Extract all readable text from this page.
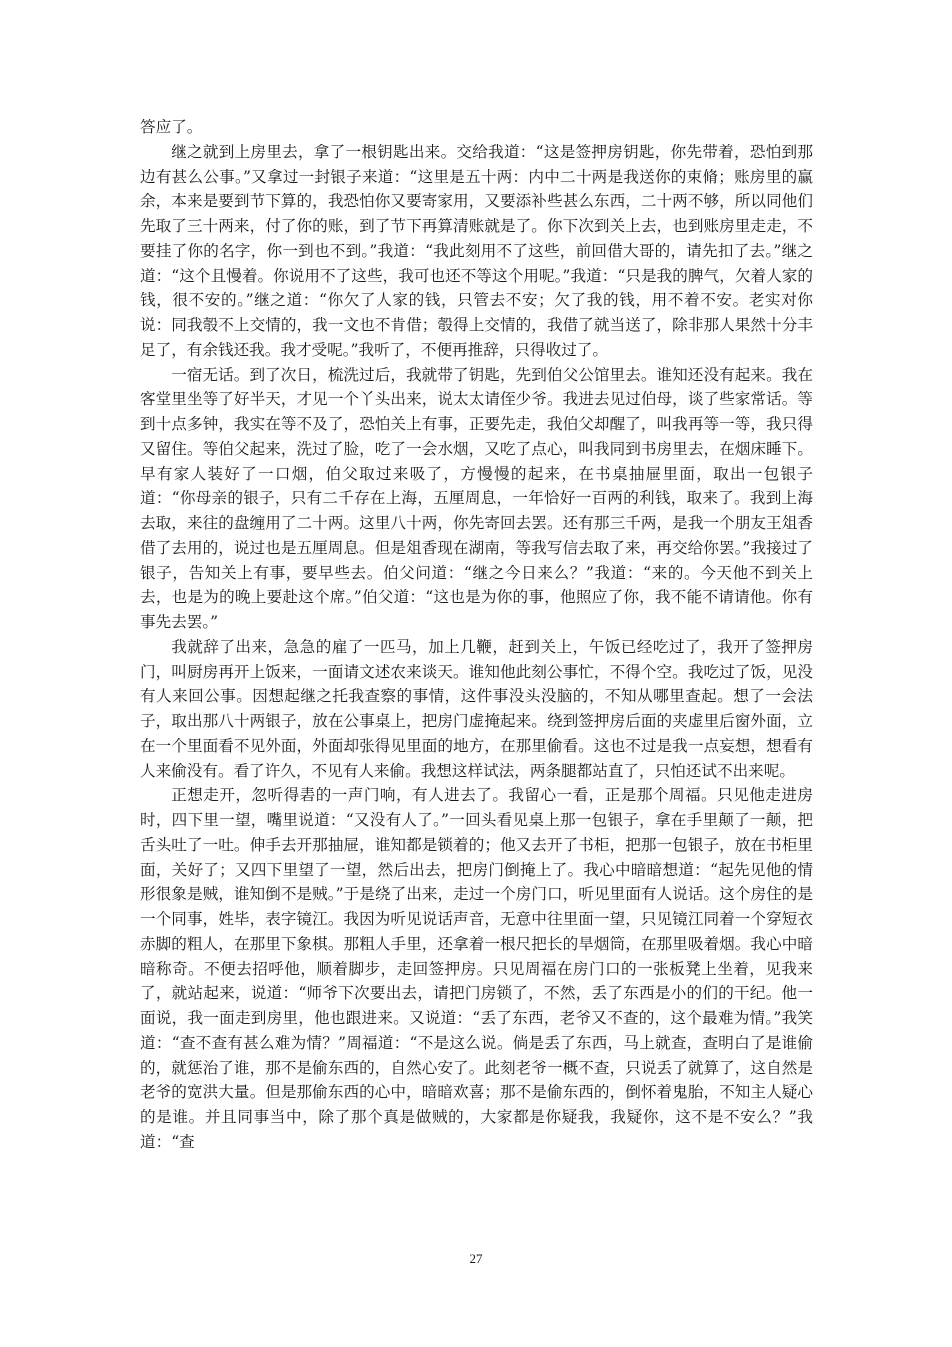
答应了。

继之就到上房里去，拿了一根钥匙出来。交给我道：“这是签押房钥匙，你先带着，恐怕到那边有甚么公事。”又拿过一封银子来道：“这里是五十两：内中二十两是我送你的束脩；账房里的赢余，本来是要到节下算的，我恐怕你又要寄家用，又要添补些甚么东西，二十两不够，所以同他们先取了三十两来，付了你的账，到了节下再算清账就是了。你下次到关上去，也到账房里走走，不要挂了你的名字，你一到也不到。”我道：“我此刻用不了这些，前回借大哥的，请先扣了去。”继之道：“这个且慢着。你说用不了这些，我可也还不等这个用呢。”我道：“只是我的脾气，欠着人家的钱，很不安的。”继之道：“你欠了人家的钱，只管去不安；欠了我的钱，用不着不安。老实对你说：同我彀不上交情的，我一文也不肯借；彀得上交情的，我借了就当送了，除非那人果然十分丰足了，有余钱还我。我才受呢。”我听了，不便再推辞，只得收过了。

一宿无话。到了次日，梳洗过后，我就带了钥匙，先到伯父公馆里去。谁知还没有起来。我在客堂里坐等了好半天，才见一个丫头出来，说太太请侄少爷。我进去见过伯母，谈了些家常话。等到十点多钟，我实在等不及了，恐怕关上有事，正要先走，我伯父却醒了，叫我再等一等，我只得又留住。等伯父起来，洗过了脸，吃了一会水烟，又吃了点心，叫我同到书房里去，在烟床睡下。早有家人装好了一口烟，伯父取过来吸了，方慢慢的起来，在书桌抽屉里面，取出一包银子道：“你母亲的银子，只有二千存在上海，五厘周息，一年恰好一百两的利钱，取来了。我到上海去取，来往的盘缠用了二十两。这里八十两，你先寄回去罢。还有那三千两，是我一个朋友王俎香借了去用的，说过也是五厘周息。但是俎香现在湖南，等我写信去取了来，再交给你罢。”我接过了银子，告知关上有事，要早些去。伯父问道：“继之今日来么？”我道：“来的。今天他不到关上去，也是为的晚上要赴这个席。”伯父道：“这也是为你的事，他照应了你，我不能不请请他。你有事先去罢。”

我就辞了出来，急急的雇了一匹马，加上几鞭，赶到关上，午饭已经吃过了，我开了签押房门，叫厨房再开上饭来，一面请文述农来谈天。谁知他此刻公事忙，不得个空。我吃过了饭，见没有人来回公事。因想起继之托我查察的事情，这件事没头没脑的，不知从哪里查起。想了一会法子，取出那八十两银子，放在公事桌上，把房门虚掩起来。绕到签押房后面的夹虚里后窗外面，立在一个里面看不见外面，外面却张得见里面的地方，在那里偷看。这也不过是我一点妄想，想看有人来偷没有。看了许久，不见有人来偷。我想这样试法，两条腿都站直了，只怕还试不出来呢。

正想走开，忽听得砉的一声门响，有人进去了。我留心一看，正是那个周福。只见他走进房时，四下里一望，嘴里说道：“又没有人了。”一回头看见桌上那一包银子，拿在手里颠了一颠，把舌头吐了一吐。伸手去开那抽屉，谁知都是锁着的；他又去开了书柜，把那一包银子，放在书柜里面，关好了；又四下里望了一望，然后出去，把房门倒掩上了。我心中暗暗想道：“起先见他的情形很象是贼，谁知倒不是贼。”于是绕了出来，走过一个房门口，听见里面有人说话。这个房住的是一个同事，姓毕，表字镜江。我因为听见说话声音，无意中往里面一望，只见镜江同着一个穿短衣赤脚的粗人，在那里下象棋。那粗人手里，还拿着一根尺把长的旱烟筒，在那里吸着烟。我心中暗暗称奇。不便去招呼他，顺着脚步，走回签押房。只见周福在房门口的一张板凳上坐着，见我来了，就站起来，说道：“师爷下次要出去，请把门房锁了，不然，丢了东西是小的们的干纪。他一面说，我一面走到房里，他也跟进来。又说道：“丢了东西，老爷又不查的，这个最难为情。”我笑道：“查不查有甚么难为情？”周福道：“不是这么说。倘是丢了东西，马上就查，查明白了是谁偷的，就惩治了谁，那不是偷东西的，自然心安了。此刻老爷一概不查，只说丢了就算了，这自然是老爷的宽洪大量。但是那偷东西的心中，暗暗欢喜；那不是偷东西的，倒怀着鬼胎，不知主人疑心的是谁。并且同事当中，除了那个真是做贼的，大家都是你疑我，我疑你，这不是不安么？”我道：“查

27
